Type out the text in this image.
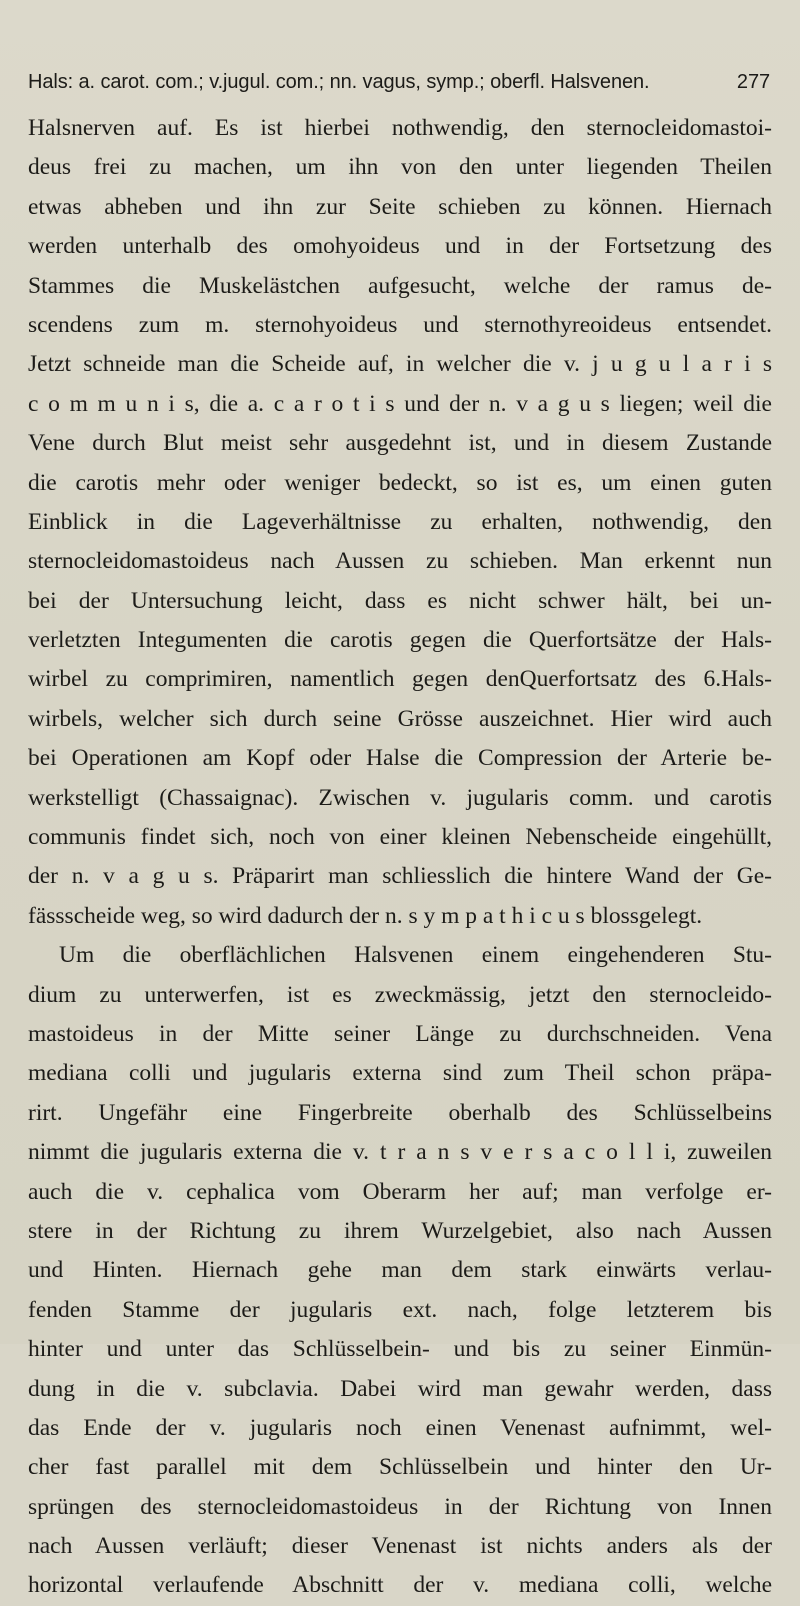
Hals: a. carot. com.; v.jugul. com.; nn. vagus, symp.; oberfl. Halsvenen.	277
Halsnerven auf. Es ist hierbei nothwendig, den sternocleidomastoi-
deus frei zu machen, um ihn von den unter liegenden Theilen
etwas abheben und ihn zur Seite schieben zu können. Hiernach
werden unterhalb des omohyoideus und in der Fortsetzung des
Stammes die Muskelästchen aufgesucht, welche der ramus de-
scendens zum m. sternohyoideus und sternothyreoideus entsendet.
Jetzt schneide man die Scheide auf, in welcher die v. j u g u l a r i s
c o m m u n i s, die a. c a r o t i s und der n. v a g u s liegen; weil die
Vene durch Blut meist sehr ausgedehnt ist, und in diesem Zustande
die carotis mehr oder weniger bedeckt, so ist es, um einen guten
Einblick in die Lageverhältnisse zu erhalten, nothwendig, den
sternocleidomastoideus nach Aussen zu schieben. Man erkennt nun
bei der Untersuchung leicht, dass es nicht schwer hält, bei un-
verletzten Integumenten die carotis gegen die Querfortsätze der Hals-
wirbel zu comprimiren, namentlich gegen denQuerfortsatz des 6.Hals-
wirbels, welcher sich durch seine Grösse auszeichnet. Hier wird auch
bei Operationen am Kopf oder Halse die Compression der Arterie be-
werkstelligt (Chassaignac). Zwischen v. jugularis comm. und carotis
communis findet sich, noch von einer kleinen Nebenscheide eingehüllt,
der n. v a g u s. Präparirt man schliesslich die hintere Wand der Ge-
fässscheide weg, so wird dadurch der n. s y m p a t h i c u s blossgelegt.
Um die oberflächlichen Halsvenen einem eingehenderen Stu-
dium zu unterwerfen, ist es zweckmässig, jetzt den sternocleido-
mastoideus in der Mitte seiner Länge zu durchschneiden. Vena
mediana colli und jugularis externa sind zum Theil schon präpa-
rirt. Ungefähr eine Fingerbreite oberhalb des Schlüsselbeins
nimmt die jugularis externa die v. t r a n s v e r s a c o l l i, zuweilen
auch die v. cephalica vom Oberarm her auf; man verfolge er-
stere in der Richtung zu ihrem Wurzelgebiet, also nach Aussen
und Hinten. Hiernach gehe man dem stark einwärts verlau-
fenden Stamme der jugularis ext. nach, folge letzterem bis
hinter und unter das Schlüsselbein- und bis zu seiner Einmün-
dung in die v. subclavia. Dabei wird man gewahr werden, dass
das Ende der v. jugularis noch einen Venenast aufnimmt, wel-
cher fast parallel mit dem Schlüsselbein und hinter den Ur-
sprüngen des sternocleidomastoideus in der Richtung von Innen
nach Aussen verläuft; dieser Venenast ist nichts anders als der
horizontal verlaufende Abschnitt der v. mediana colli, welche
